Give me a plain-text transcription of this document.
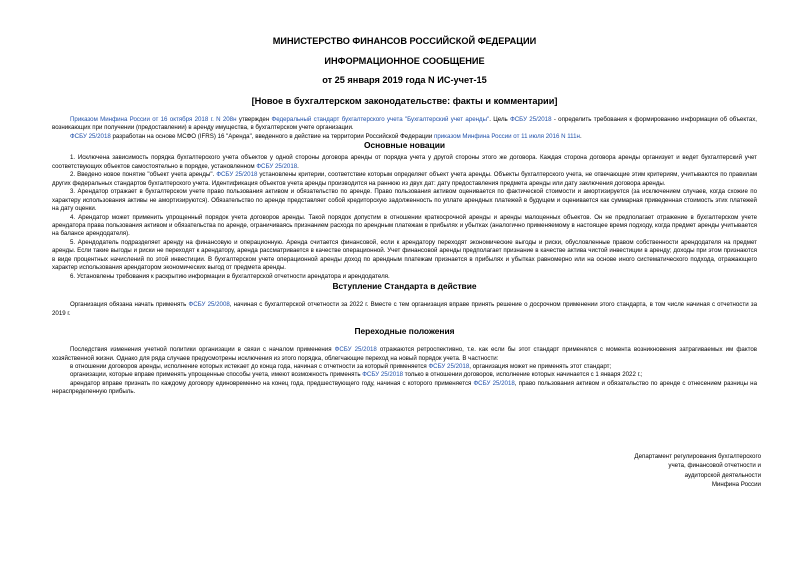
МИНИСТЕРСТВО ФИНАНСОВ РОССИЙСКОЙ ФЕДЕРАЦИИ
ИНФОРМАЦИОННОЕ СООБЩЕНИЕ
от 25 января 2019 года N ИС-учет-15
[Новое в бухгалтерском законодательстве: факты и комментарии]

Приказом Минфина России от 16 октября 2018 г. N 208н утвержден Федеральный стандарт бухгалтерского учета "Бухгалтерский учет аренды". Цель ФСБУ 25/2018 - определить требования к формированию информации об объектах, возникающих при получении (предоставлении) в аренду имущества, в бухгалтерском учете организации.

ФСБУ 25/2018 разработан на основе МСФО (IFRS) 16 "Аренда", введенного в действие на территории Российской Федерации приказом Минфина России от 11 июля 2016 N 111н.

Основные новации

1. Исключена зависимость порядка бухгалтерского учета объектов у одной стороны договора аренды от порядка учета у другой стороны этого же договора. Каждая сторона договора аренды организует и ведет бухгалтерский учет соответствующих объектов самостоятельно в порядке, установленном ФСБУ 25/2018.

2. Введено новое понятие "объект учета аренды". ФСБУ 25/2018 установлены критерии, соответствие которым определяет объект учета аренды. Объекты бухгалтерского учета, не отвечающие этим критериям, учитываются по правилам других федеральных стандартов бухгалтерского учета. Идентификация объектов учета аренды производится на раннюю из двух дат: дату предоставления предмета аренды или дату заключения договора аренды.

3. Арендатор отражает в бухгалтерском учете право пользования активом и обязательство по аренде. Право пользования активом оценивается по фактической стоимости и амортизируется (за исключением случаев, когда схожие по характеру использования активы не амортизируются). Обязательство по аренде представляет собой кредиторскую задолженность по уплате арендных платежей в будущем и оценивается как суммарная приведенная стоимость этих платежей на дату оценки.

4. Арендатор может применить упрощенный порядок учета договоров аренды. Такой порядок допустим в отношении краткосрочной аренды и аренды малоценных объектов. Он не предполагает отражение в бухгалтерском учете арендатора права пользования активом и обязательства по аренде, ограничиваясь признанием расхода по арендным платежам в прибылях и убытках (аналогично применяемому в настоящее время подходу, когда предмет аренды учитывается на балансе арендодателя).

5. Арендодатель подразделяет аренду на финансовую и операционную. Аренда считается финансовой, если к арендатору переходят экономические выгоды и риски, обусловленные правом собственности арендодателя на предмет аренды. Если такие выгоды и риски не переходят к арендатору, аренда рассматривается в качестве операционной. Учет финансовой аренды предполагает признание в качестве актива чистой инвестиции в аренду; доходы при этом признаются в виде процентных начислений по этой инвестиции. В бухгалтерском учете операционной аренды доход по арендным платежам признается в прибылях и убытках равномерно или на основе иного систематического подхода, отражающего характер использования арендатором экономических выгод от предмета аренды.

6. Установлены требования к раскрытию информации в бухгалтерской отчетности арендатора и арендодателя.

Вступление Стандарта в действие

Организация обязана начать применять ФСБУ 25/2008, начиная с бухгалтерской отчетности за 2022 г. Вместе с тем организация вправе принять решение о досрочном применении этого стандарта, в том числе начиная с отчетности за 2019 г.

Переходные положения

Последствия изменения учетной политики организации в связи с началом применения ФСБУ 25/2018 отражаются ретроспективно, т.е. как если бы этот стандарт применялся с момента возникновения затрагиваемых им фактов хозяйственной жизни. Однако для ряда случаев предусмотрены исключения из этого порядка, облегчающие переход на новый порядок учета. В частности:

в отношении договоров аренды, исполнение которых истекает до конца года, начиная с отчетности за который применяется ФСБУ 25/2018, организация может не применять этот стандарт;

организации, которые вправе применять упрощенные способы учета, имеют возможность применять ФСБУ 25/2018 только в отношении договоров, исполнение которых начинается с 1 января 2022 г.;

арендатор вправе признать по каждому договору единовременно на конец года, предшествующего году, начиная с которого применяется ФСБУ 25/2018, право пользования активом и обязательство по аренде с отнесением разницы на нераспределенную прибыль.

Департамент регулирования бухгалтерского
учета, финансовой отчетности и
аудиторской деятельности
Минфина России
